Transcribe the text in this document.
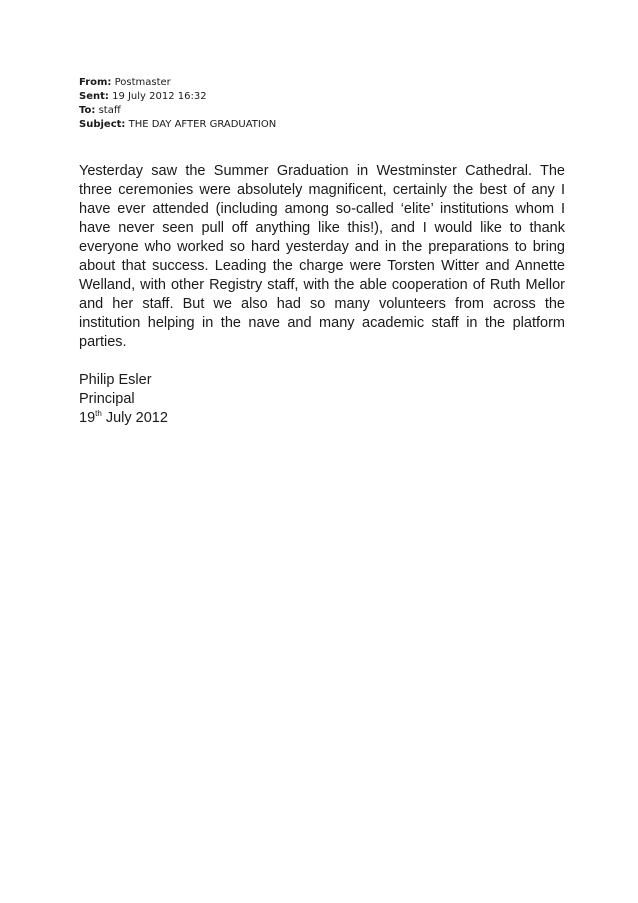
From: Postmaster
Sent: 19 July 2012 16:32
To: staff
Subject: THE DAY AFTER GRADUATION

Yesterday saw the Summer Graduation in Westminster Cathedral. The three ceremonies were absolutely magnificent, certainly the best of any I have ever attended (including among so-called ‘elite’ institutions whom I have never seen pull off anything like this!), and I would like to thank everyone who worked so hard yesterday and in the preparations to bring about that success. Leading the charge were Torsten Witter and Annette Welland, with other Registry staff, with the able cooperation of Ruth Mellor and her staff. But we also had so many volunteers from across the institution helping in the nave and many academic staff in the platform parties.

Philip Esler
Principal
19th July 2012
